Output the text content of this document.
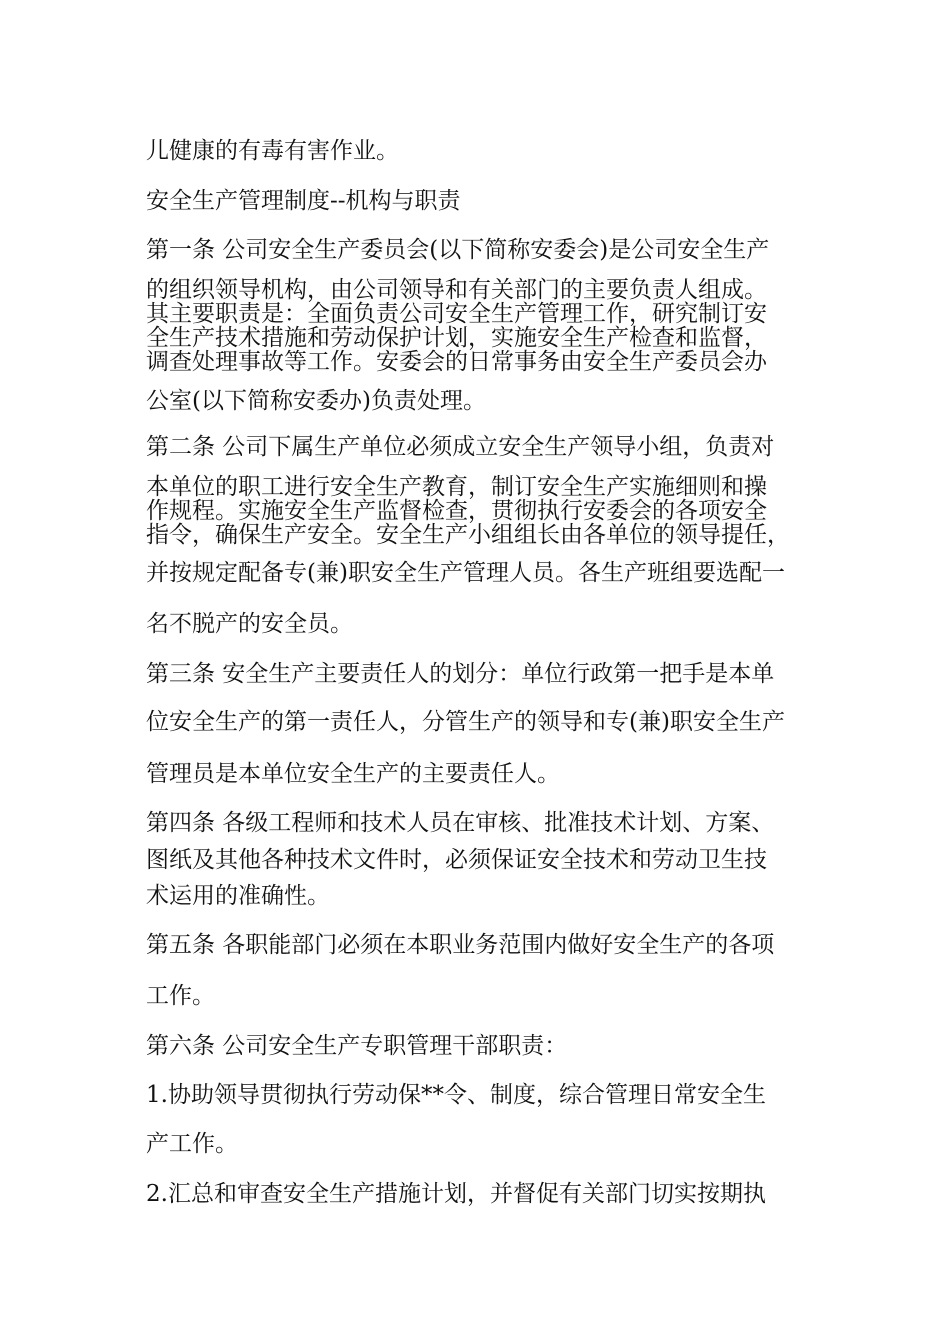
儿健康的有毒有害作业。
安全生产管理制度--机构与职责
第一条 公司安全生产委员会(以下简称安委会)是公司安全生产
的组织领导机构，由公司领导和有关部门的主要负责人组成。
其主要职责是：全面负责公司安全生产管理工作，研究制订安
全生产技术措施和劳动保护计划，实施安全生产检查和监督，
调查处理事故等工作。安委会的日常事务由安全生产委员会办
公室(以下简称安委办)负责处理。
第二条 公司下属生产单位必须成立安全生产领导小组，负责对
本单位的职工进行安全生产教育，制订安全生产实施细则和操
作规程。实施安全生产监督检查，贯彻执行安委会的各项安全
指令，确保生产安全。安全生产小组组长由各单位的领导提任，
并按规定配备专(兼)职安全生产管理人员。各生产班组要选配一
名不脱产的安全员。
第三条 安全生产主要责任人的划分：单位行政第一把手是本单
位安全生产的第一责任人，分管生产的领导和专(兼)职安全生产
管理员是本单位安全生产的主要责任人。
第四条 各级工程师和技术人员在审核、批准技术计划、方案、
图纸及其他各种技术文件时，必须保证安全技术和劳动卫生技
术运用的准确性。
第五条 各职能部门必须在本职业务范围内做好安全生产的各项
工作。
第六条 公司安全生产专职管理干部职责：
1.协助领导贯彻执行劳动保**令、制度，综合管理日常安全生
产工作。
2.汇总和审查安全生产措施计划，并督促有关部门切实按期执
